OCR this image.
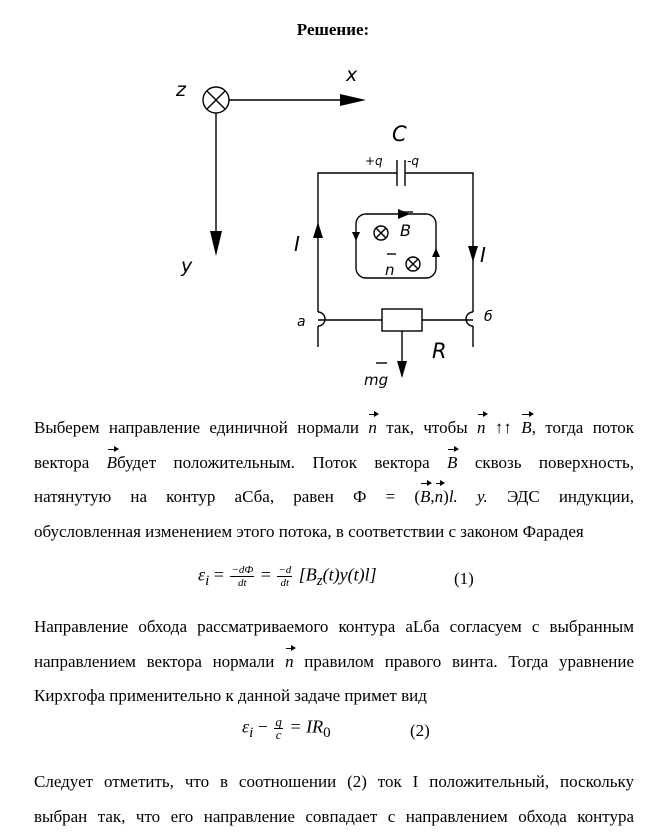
Решение:
z
x
y
C
+q -q
I	I
B
n
a	б
R
mg
Выберем направление единичной нормали n так, чтобы n ↑↑ B, тогда поток
вектора Bбудет положительным. Поток вектора B сквозь поверхность,
натянутую на контур аСба, равен Ф = (B,n)l. y. ЭДС индукции,
обусловленная изменением этого потока, в соответствии с законом Фарадея
$\varepsilon_i = \frac{-dФ}{dt} = \frac{-d}{dt} [B_z(t)y(t)l]$	(1)
Направление обхода рассматриваемого контура aLба согласуем с выбранным
направлением вектора нормали n правилом правого винта. Тогда уравнение
Кирхгофа применительно к данной задаче примет вид
$\varepsilon_i - \frac{q}{c} = IR_0$	(2)
Следует отметить, что в соотношении (2) ток I положительный, поскольку
выбран так, что его направление совпадает с направлением обхода контура
